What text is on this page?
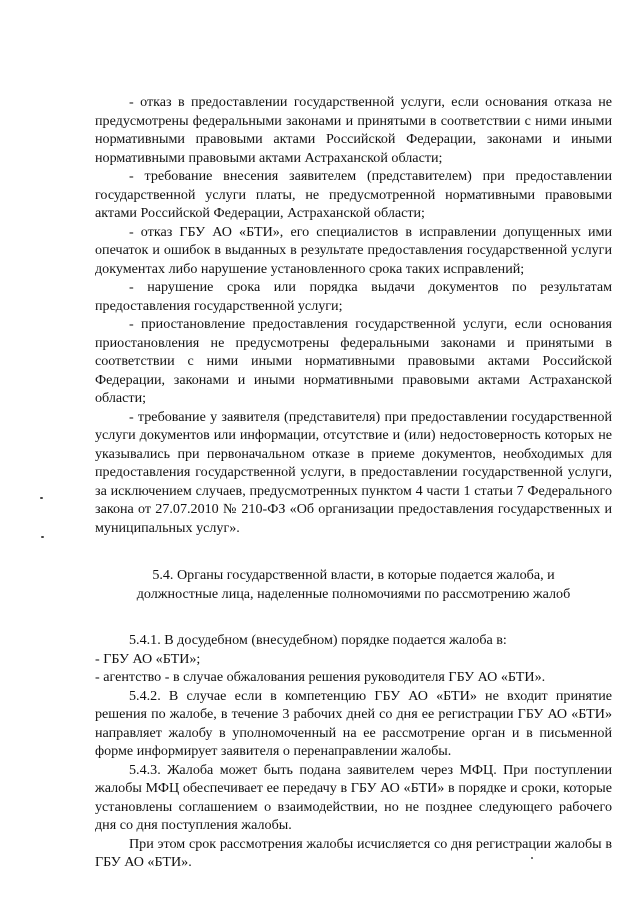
- отказ в предоставлении государственной услуги, если основания отказа не предусмотрены федеральными законами и принятыми в соответствии с ними иными нормативными правовыми актами Российской Федерации, законами и иными нормативными правовыми актами Астраханской области;

- требование внесения заявителем (представителем) при предоставлении государственной услуги платы, не предусмотренной нормативными правовыми актами Российской Федерации, Астраханской области;

- отказ ГБУ АО «БТИ», его специалистов в исправлении допущенных ими опечаток и ошибок в выданных в результате предоставления государственной услуги документах либо нарушение установленного срока таких исправлений;

- нарушение срока или порядка выдачи документов по результатам предоставления государственной услуги;

- приостановление предоставления государственной услуги, если основания приостановления не предусмотрены федеральными законами и принятыми в соответствии с ними иными нормативными правовыми актами Российской Федерации, законами и иными нормативными правовыми актами Астраханской области;

- требование у заявителя (представителя) при предоставлении государственной услуги документов или информации, отсутствие и (или) недостоверность которых не указывались при первоначальном отказе в приеме документов, необходимых для предоставления государственной услуги, в предоставлении государственной услуги, за исключением случаев, предусмотренных пунктом 4 части 1 статьи 7 Федерального закона от 27.07.2010 № 210-ФЗ «Об организации предоставления государственных и муниципальных услуг».

5.4. Органы государственной власти, в которые подается жалоба, и
должностные лица, наделенные полномочиями по рассмотрению жалоб

5.4.1. В досудебном (внесудебном) порядке подается жалоба в:

- ГБУ АО «БТИ»;

- агентство - в случае обжалования решения руководителя ГБУ АО «БТИ».

5.4.2. В случае если в компетенцию ГБУ АО «БТИ» не входит принятие решения по жалобе, в течение 3 рабочих дней со дня ее регистрации ГБУ АО «БТИ» направляет жалобу в уполномоченный на ее рассмотрение орган и в письменной форме информирует заявителя о перенаправлении жалобы.

5.4.3. Жалоба может быть подана заявителем через МФЦ. При поступлении жалобы МФЦ обеспечивает ее передачу в ГБУ АО «БТИ» в порядке и сроки, которые установлены соглашением о взаимодействии, но не позднее следующего рабочего дня со дня поступления жалобы.

При этом срок рассмотрения жалобы исчисляется со дня регистрации жалобы в ГБУ АО «БТИ».
